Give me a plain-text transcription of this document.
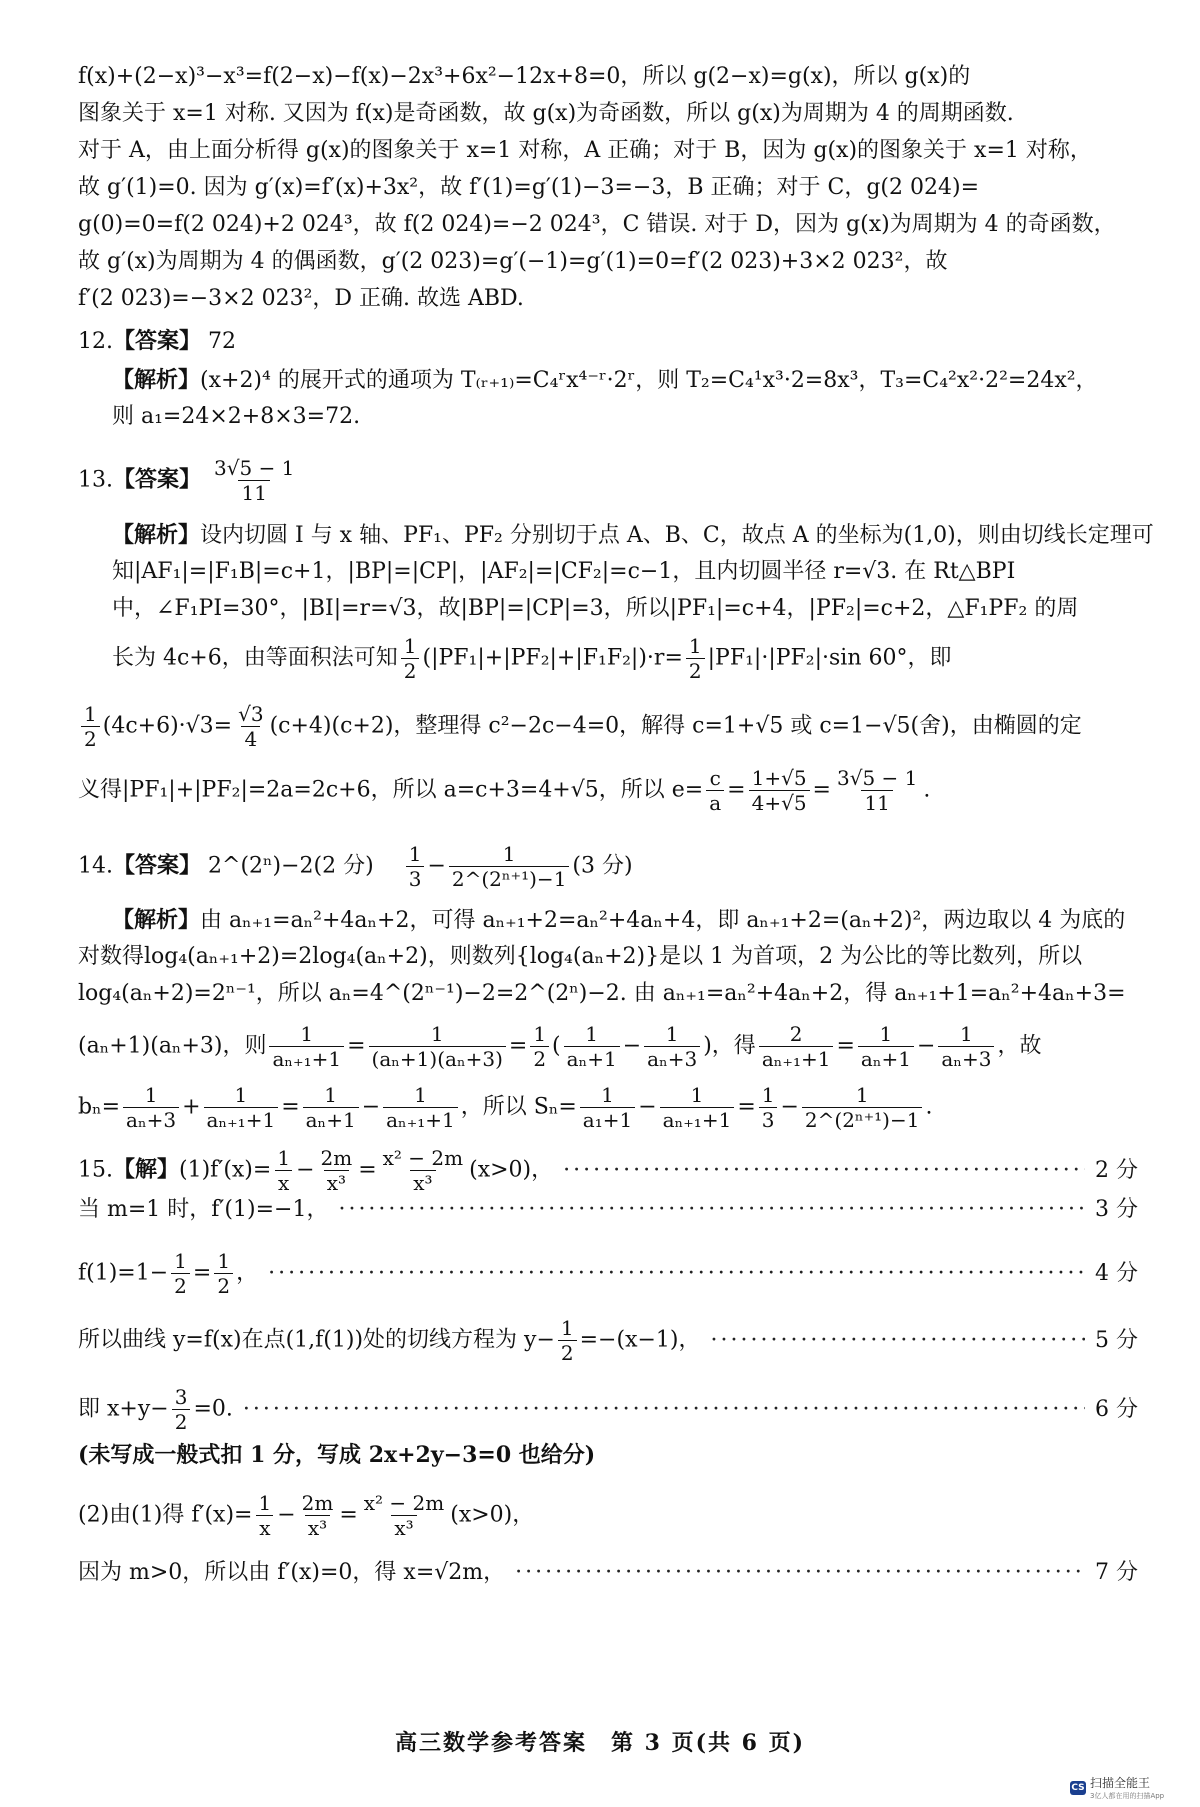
f(x)+(2−x)³−x³=f(2−x)−f(x)−2x³+6x²−12x+8=0，所以 g(2−x)=g(x)，所以 g(x)的
图象关于 x=1 对称. 又因为 f(x)是奇函数，故 g(x)为奇函数，所以 g(x)为周期为 4 的周期函数.
对于 A，由上面分析得 g(x)的图象关于 x=1 对称，A 正确；对于 B，因为 g(x)的图象关于 x=1 对称，
故 g′(1)=0. 因为 g′(x)=f′(x)+3x²，故 f′(1)=g′(1)−3=−3，B 正确；对于 C，g(2 024)=
g(0)=0=f(2 024)+2 024³，故 f(2 024)=−2 024³，C 错误. 对于 D，因为 g(x)为周期为 4 的奇函数，
故 g′(x)为周期为 4 的偶函数，g′(2 023)=g′(−1)=g′(1)=0=f′(2 023)+3×2 023²，故
f′(2 023)=−3×2 023²，D 正确. 故选 ABD.
12.【答案】 72
【解析】(x+2)⁴ 的展开式的通项为 T₍ᵣ₊₁₎=C₄ʳx⁴⁻ʳ·2ʳ，则 T₂=C₄¹x³·2=8x³，T₃=C₄²x²·2²=24x²，
则 a₁=24×2+8×3=72.
13.【答案】 $\frac{3√5 - 1}{11}$
【解析】设内切圆 I 与 x 轴、PF₁、PF₂ 分别切于点 A、B、C，故点 A 的坐标为(1,0)，则由切线长定理可
知|AF₁|=|F₁B|=c+1，|BP|=|CP|，|AF₂|=|CF₂|=c−1，且内切圆半径 r=√3. 在 Rt△BPI
中，∠F₁PI=30°，|BI|=r=√3，故|BP|=|CP|=3，所以|PF₁|=c+4，|PF₂|=c+2，△F₁PF₂ 的周
长为 4c+6，由等面积法可知 $\frac{1}{2} (|PF_1|+|PF_2|+|F_1F_2|)\cdot r= \frac{1}{2} |PF_1|\cdot|PF_2|\cdot\sin$ 60°，即
$\frac{1}{2} (4c+6)\cdot√3= \frac{√3}{4} (c+4)(c+2)$，整理得 c²−2c−4=0，解得 c=1+√5 或 c=1−√5(舍)，由椭圆的定
义得|PF₁|+|PF₂|=2a=2c+6，所以 a=c+3=4+√5，所以 $e= \frac{c}{a} = \frac{1+√5}{4+√5} = \frac{3√5 - 1}{11}$ .
14.【答案】 2^(2ⁿ)−2(2 分)　 $\frac{1}{3} - \frac{1}{\text{2\textasciicircum{}(2ⁿ⁺¹)−1}} (3$ 分)
【解析】由 aₙ₊₁=aₙ²+4aₙ+2，可得 aₙ₊₁+2=aₙ²+4aₙ+4，即 aₙ₊₁+2=(aₙ+2)²，两边取以 4 为底的
对数得log₄(aₙ₊₁+2)=2log₄(aₙ+2)，则数列{log₄(aₙ+2)}是以 1 为首项，2 为公比的等比数列，所以
log₄(aₙ+2)=2ⁿ⁻¹，所以 aₙ=4^(2ⁿ⁻¹)−2=2^(2ⁿ)−2. 由 aₙ₊₁=aₙ²+4aₙ+2，得 aₙ₊₁+1=aₙ²+4aₙ+3=
(aₙ+1)(aₙ+3)，则 $\frac{1}{\text{aₙ₊₁+1}} = \frac{1}{\text{(aₙ+1)(aₙ+3)}} = \frac{1}{2}$ ( $\frac{1}{\text{aₙ+1}} - \frac{1}{\text{aₙ+3}}$ )，得 $\frac{2}{\text{aₙ₊₁+1}} = \frac{1}{\text{aₙ+1}} - \frac{1}{\text{aₙ+3}}$ ，故
$b_n= \frac{1}{\text{aₙ+3}} + \frac{1}{\text{aₙ₊₁+1}} = \frac{1}{\text{aₙ+1}} - \frac{1}{\text{aₙ₊₁+1}}$ ，所以 $S_n= \frac{1}{\text{a₁+1}} - \frac{1}{\text{aₙ₊₁+1}} = \frac{1}{3} - \frac{1}{\text{2\textasciicircum{}(2ⁿ⁺¹)−1}}$ .
15.【解】$(1)f'(x)= \frac{1}{x} - \frac{2m}{\text{x³}} = \frac{\text{x² − 2m}}{\text{x³}} (x>0)$， ·····	2 分
当 m=1 时，f′(1)=−1， ·····	3 分
$f(1)=1- \frac{1}{2} = \frac{1}{2}$ ， ·····	4 分
所以曲线 y=f(x)在点(1,f(1))处的切线方程为 $y- \frac{1}{2} =-(x-1)$， ·····	5 分
即 $x+y- \frac{3}{2} =0$. ·····	6 分
(未写成一般式扣 1 分，写成 2x+2y−3=0 也给分)
(2)由(1)得 $f'(x)= \frac{1}{x} - \frac{2m}{\text{x³}} = \frac{\text{x² − 2m}}{\text{x³}} (x>0)$，
因为 m>0，所以由 f′(x)=0，得 x=√2m， ·····	7 分
高三数学参考答案　第 3 页(共 6 页)
CS 扫描全能王
3亿人都在用的扫描App
